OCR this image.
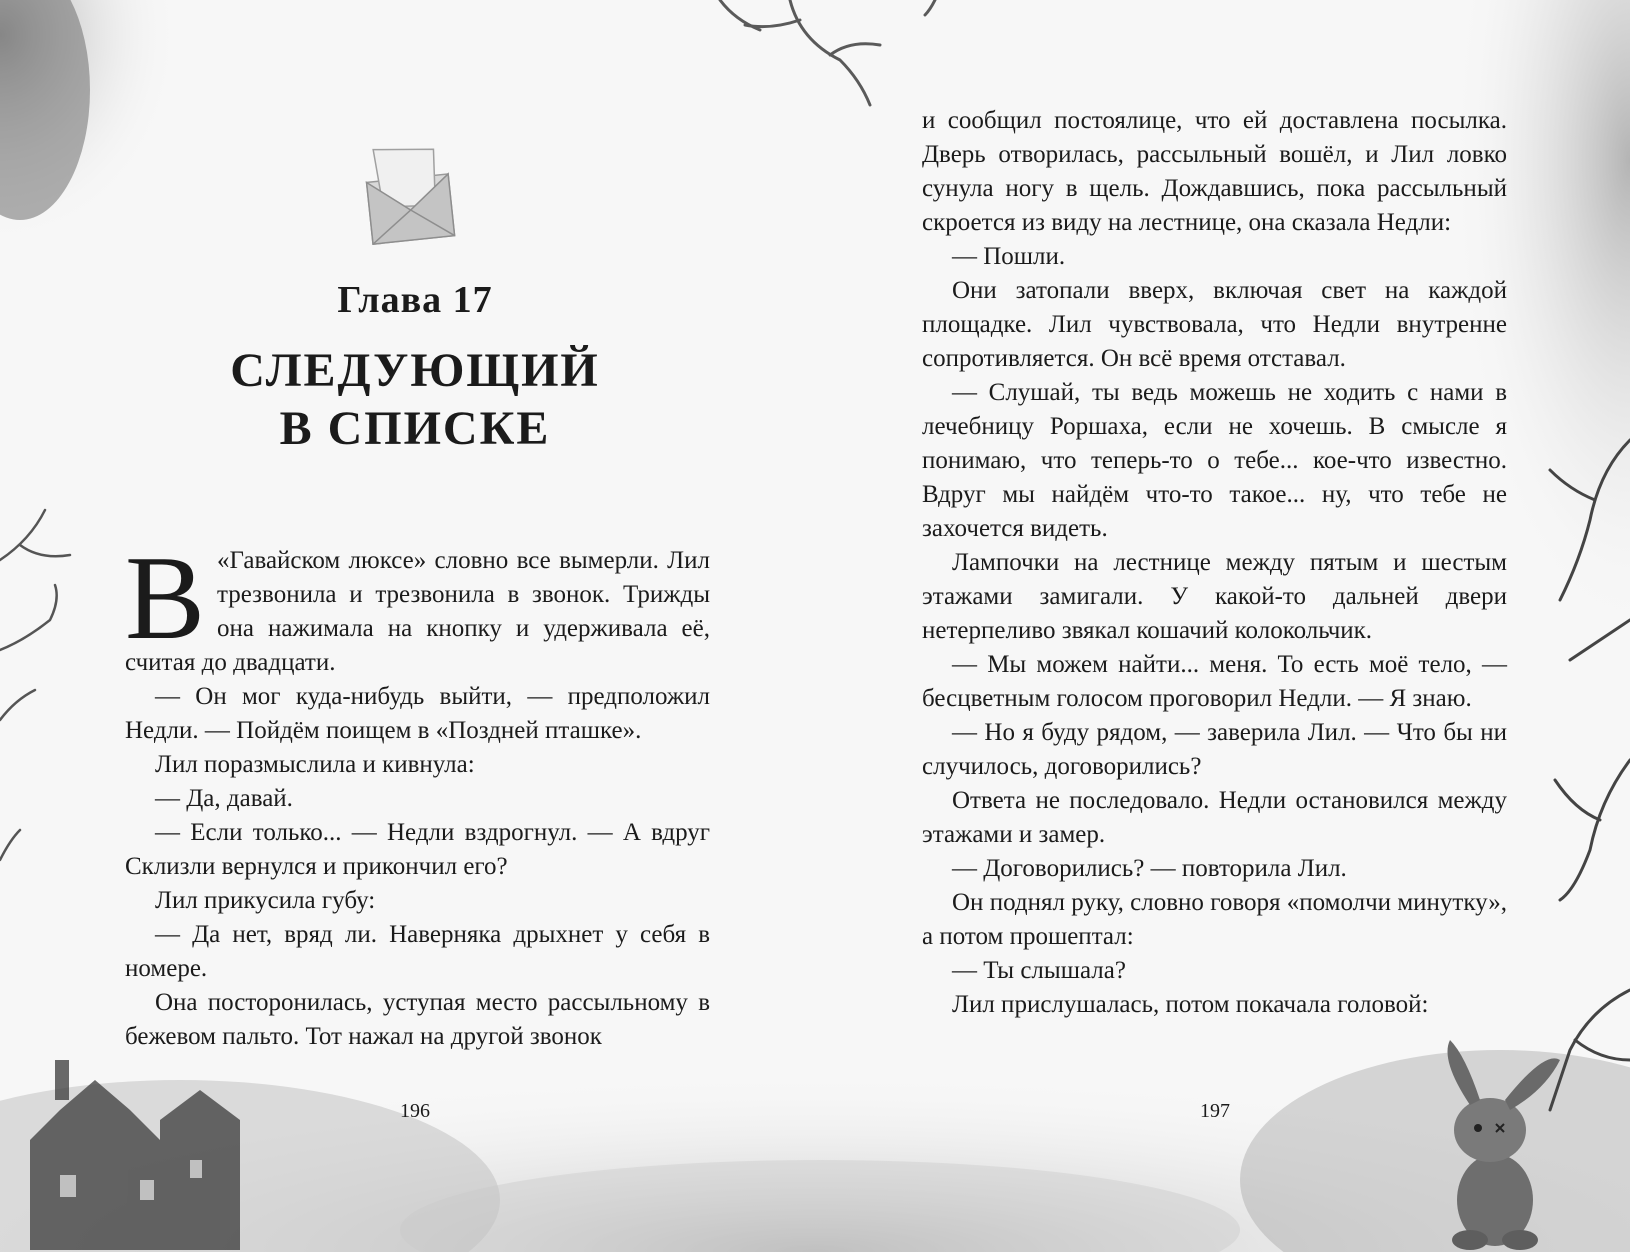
Глава 17
СЛЕДУЮЩИЙ
В СПИСКЕ

В «Гавайском люксе» словно все вымерли. Лил трезвонила и трезвонила в звонок. Трижды она нажимала на кнопку и удерживала её, считая до двадцати.

— Он мог куда-нибудь выйти, — предположил Недли. — Пойдём поищем в «Поздней пташке».

Лил поразмыслила и кивнула:

— Да, давай.

— Если только... — Недли вздрогнул. — А вдруг Склизли вернулся и прикончил его?

Лил прикусила губу:

— Да нет, вряд ли. Наверняка дрыхнет у себя в номере.

Она посторонилась, уступая место рассыльному в бежевом пальто. Тот нажал на другой звонок

196

и сообщил постоялице, что ей доставлена посылка. Дверь отворилась, рассыльный вошёл, и Лил ловко сунула ногу в щель. Дождавшись, пока рассыльный скроется из виду на лестнице, она сказала Недли:

— Пошли.

Они затопали вверх, включая свет на каждой площадке. Лил чувствовала, что Недли внутренне сопротивляется. Он всё время отставал.

— Слушай, ты ведь можешь не ходить с нами в лечебницу Роршаха, если не хочешь. В смысле я понимаю, что теперь-то о тебе... кое-что известно. Вдруг мы найдём что-то такое... ну, что тебе не захочется видеть.

Лампочки на лестнице между пятым и шестым этажами замигали. У какой-то дальней двери нетерпеливо звякал кошачий колокольчик.

— Мы можем найти... меня. То есть моё тело, — бесцветным голосом проговорил Недли. — Я знаю.

— Но я буду рядом, — заверила Лил. — Что бы ни случилось, договорились?

Ответа не последовало. Недли остановился между этажами и замер.

— Договорились? — повторила Лил.

Он поднял руку, словно говоря «помолчи минутку», а потом прошептал:

— Ты слышала?

Лил прислушалась, потом покачала головой:

197
